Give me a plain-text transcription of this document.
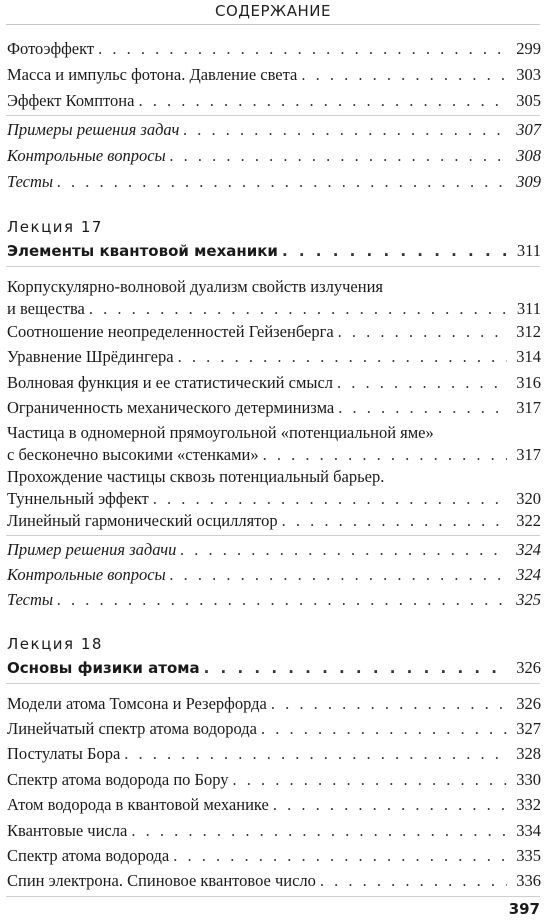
СОДЕРЖАНИЕ
Фотоэффект . . .	299
Масса и импульс фотона. Давление света . . .	303
Эффект Комптона . . .	305
Примеры решения задач . . .	307
Контрольные вопросы . . .	308
Тесты . . .	309
Лекция 17
Элементы квантовой механики . . .	311
Корпускулярно-волновой дуализм свойств излучения
и вещества . . .	311
Соотношение неопределенностей Гейзенберга . . .	312
Уравнение Шрёдингера . . .	314
Волновая функция и ее статистический смысл . . .	316
Ограниченность механического детерминизма . . .	317
Частица в одномерной прямоугольной «потенциальной яме»
с бесконечно высокими «стенками» . . .	317
Прохождение частицы сквозь потенциальный барьер.
Туннельный эффект . . .	320
Линейный гармонический осциллятор . . .	322
Пример решения задачи . . .	324
Контрольные вопросы . . .	324
Тесты . . .	325
Лекция 18
Основы физики атома . . .	326
Модели атома Томсона и Резерфорда . . .	326
Линейчатый спектр атома водорода . . .	327
Постулаты Бора . . .	328
Спектр атома водорода по Бору . . .	330
Атом водорода в квантовой механике . . .	332
Квантовые числа . . .	334
Спектр атома водорода . . .	335
Спин электрона. Спиновое квантовое число . . .	336
397
